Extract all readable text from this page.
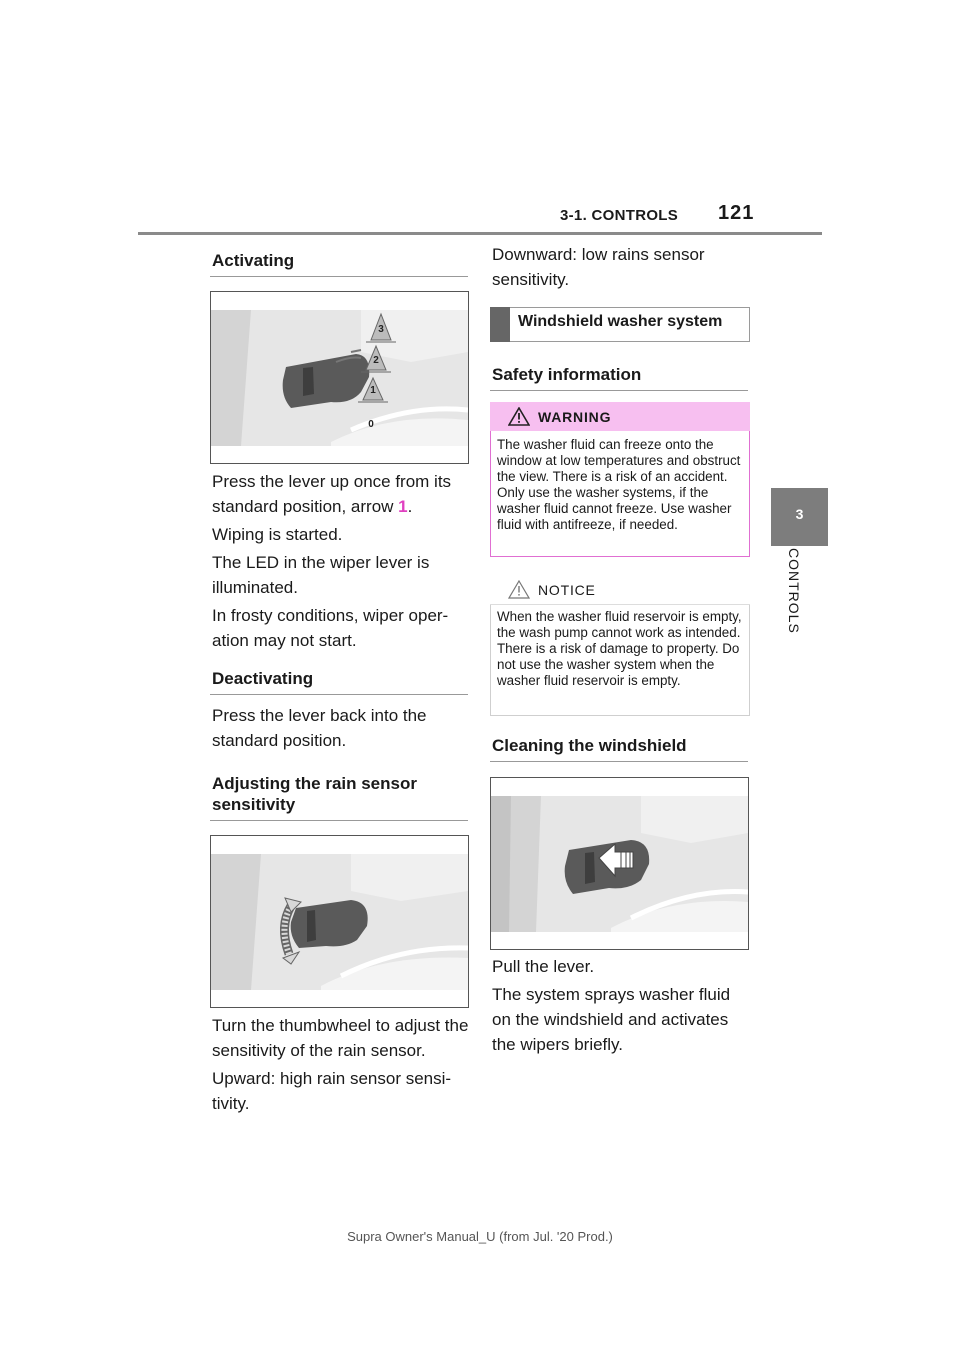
3-1. CONTROLS 121
3
CONTROLS
Activating
3
2
1
0
Press the lever up once from its standard position, arrow 1.
Wiping is started.
The LED in the wiper lever is illuminated.
In frosty conditions, wiper oper-ation may not start.
Deactivating
Press the lever back into the standard position.
Adjusting the rain sensor sensitivity
Turn the thumbwheel to adjust the sensitivity of the rain sensor.
Upward: high rain sensor sensi-tivity.
Downward: low rains sensor sensitivity.
Windshield washer system
Safety information
WARNING
The washer fluid can freeze onto the window at low temperatures and obstruct the view. There is a risk of an accident. Only use the washer systems, if the washer fluid cannot freeze. Use washer fluid with antifreeze, if needed.
NOTICE
When the washer fluid reservoir is empty, the wash pump cannot work as intended. There is a risk of damage to property. Do not use the washer system when the washer fluid reservoir is empty.
Cleaning the windshield
Pull the lever.
The system sprays washer fluid on the windshield and activates the wipers briefly.
Supra Owner's Manual_U (from Jul. '20 Prod.)
